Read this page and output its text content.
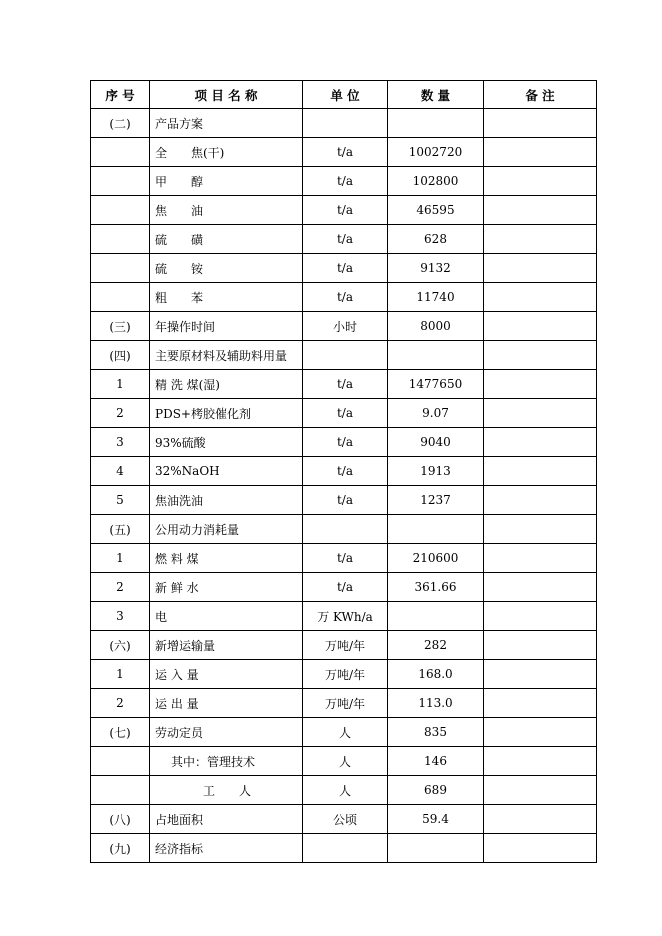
序 号	项 目 名 称	单 位	数 量	备 注
(二)	产品方案			
	全　　焦(干)	t/a	1002720	
	甲　　醇	t/a	102800	
	焦　　油	t/a	46595	
	硫　　磺	t/a	628	
	硫　　铵	t/a	9132	
	粗　　苯	t/a	11740	
(三)	年操作时间	小时	8000	
(四)	主要原材料及辅助料用量			
1	精 洗 煤(湿)	t/a	1477650	
2	PDS+栲胶催化剂	t/a	9.07	
3	93%硫酸	t/a	9040	
4	32%NaOH	t/a	1913	
5	焦油洗油	t/a	1237	
(五)	公用动力消耗量			
1	燃 料 煤	t/a	210600	
2	新 鲜 水	t/a	361.66	
3	电	万 KWh/a		
(六)	新增运输量	万吨/年	282	
1	运 入 量	万吨/年	168.0	
2	运 出 量	万吨/年	113.0	
(七)	劳动定员	人	835	
	其中：管理技术	人	146	
	工　　人	人	689	
(八)	占地面积	公顷	59.4	
(九)	经济指标			
